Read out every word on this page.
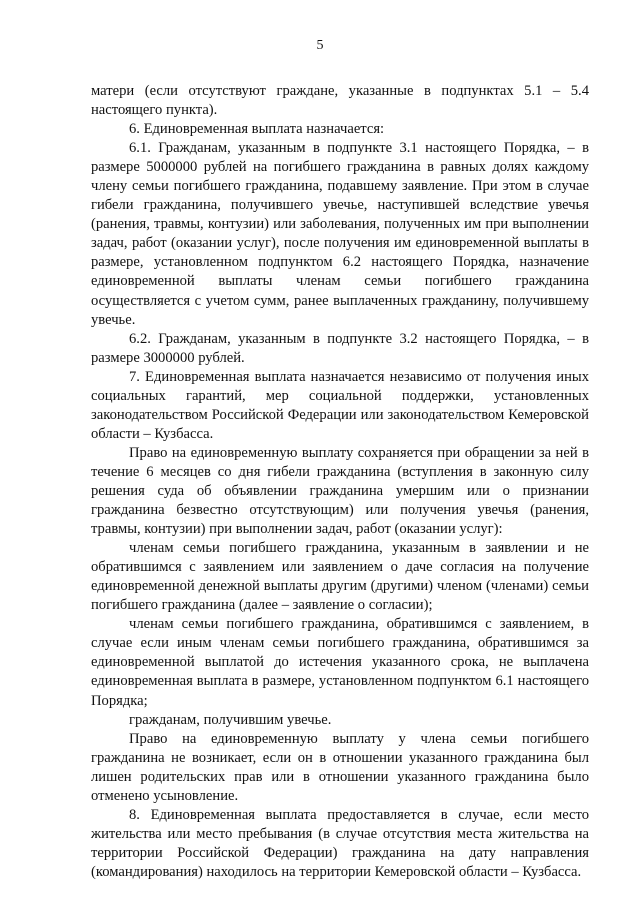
5

матери (если отсутствуют граждане, указанные в подпунктах 5.1 – 5.4 настоящего пункта).

6. Единовременная выплата назначается:

6.1. Гражданам, указанным в подпункте 3.1 настоящего Порядка, – в размере 5000000 рублей на погибшего гражданина в равных долях каждому члену семьи погибшего гражданина, подавшему заявление. При этом в случае гибели гражданина, получившего увечье, наступившей вследствие увечья (ранения, травмы, контузии) или заболевания, полученных им при выполнении задач, работ (оказании услуг), после получения им единовременной выплаты в размере, установленном подпунктом 6.2 настоящего Порядка, назначение единовременной выплаты членам семьи погибшего гражданина осуществляется с учетом сумм, ранее выплаченных гражданину, получившему увечье.

6.2. Гражданам, указанным в подпункте 3.2 настоящего Порядка, – в размере 3000000 рублей.

7. Единовременная выплата назначается независимо от получения иных социальных гарантий, мер социальной поддержки, установленных законодательством Российской Федерации или законодательством Кемеровской области – Кузбасса.

Право на единовременную выплату сохраняется при обращении за ней в течение 6 месяцев со дня гибели гражданина (вступления в законную силу решения суда об объявлении гражданина умершим или о признании гражданина безвестно отсутствующим) или получения увечья (ранения, травмы, контузии) при выполнении задач, работ (оказании услуг):

членам семьи погибшего гражданина, указанным в заявлении и не обратившимся с заявлением или заявлением о даче согласия на получение единовременной денежной выплаты другим (другими) членом (членами) семьи погибшего гражданина (далее – заявление о согласии);

членам семьи погибшего гражданина, обратившимся с заявлением, в случае если иным членам семьи погибшего гражданина, обратившимся за единовременной выплатой до истечения указанного срока, не выплачена единовременная выплата в размере, установленном подпунктом 6.1 настоящего Порядка;

гражданам, получившим увечье.

Право на единовременную выплату у члена семьи погибшего гражданина не возникает, если он в отношении указанного гражданина был лишен родительских прав или в отношении указанного гражданина было отменено усыновление.

8. Единовременная выплата предоставляется в случае, если место жительства или место пребывания (в случае отсутствия места жительства на территории Российской Федерации) гражданина на дату направления (командирования) находилось на территории Кемеровской области – Кузбасса.
